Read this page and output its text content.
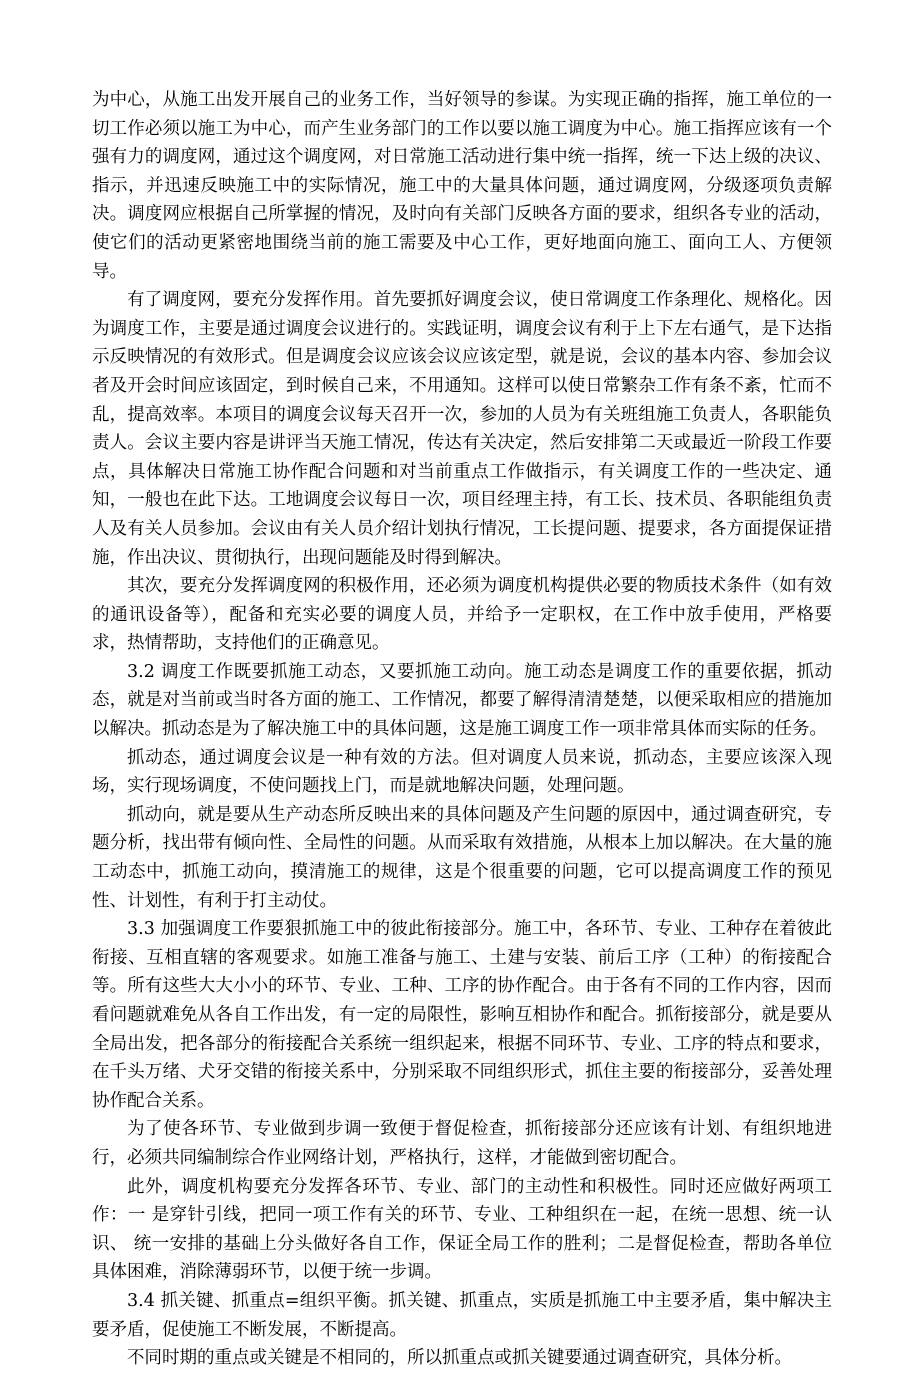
为中心，从施工出发开展自己的业务工作，当好领导的参谋。为实现正确的指挥，施工单位的一切工作必须以施工为中心，而产生业务部门的工作以要以施工调度为中心。施工指挥应该有一个强有力的调度网，通过这个调度网，对日常施工活动进行集中统一指挥，统一下达上级的决议、指示，并迅速反映施工中的实际情况，施工中的大量具体问题，通过调度网，分级逐项负责解决。调度网应根据自己所掌握的情况，及时向有关部门反映各方面的要求，组织各专业的活动，使它们的活动更紧密地围绕当前的施工需要及中心工作，更好地面向施工、面向工人、方便领导。

有了调度网，要充分发挥作用。首先要抓好调度会议，使日常调度工作条理化、规格化。因为调度工作，主要是通过调度会议进行的。实践证明，调度会议有利于上下左右通气，是下达指示反映情况的有效形式。但是调度会议应该会议应该定型，就是说，会议的基本内容、参加会议者及开会时间应该固定，到时候自己来，不用通知。这样可以使日常繁杂工作有条不紊，忙而不乱，提高效率。本项目的调度会议每天召开一次，参加的人员为有关班组施工负责人，各职能负责人。会议主要内容是讲评当天施工情况，传达有关决定，然后安排第二天或最近一阶段工作要点，具体解决日常施工协作配合问题和对当前重点工作做指示，有关调度工作的一些决定、通知，一般也在此下达。工地调度会议每日一次，项目经理主持，有工长、技术员、各职能组负责人及有关人员参加。会议由有关人员介绍计划执行情况，工长提问题、提要求，各方面提保证措施，作出决议、贯彻执行，出现问题能及时得到解决。

其次，要充分发挥调度网的积极作用，还必须为调度机构提供必要的物质技术条件（如有效的通讯设备等），配备和充实必要的调度人员，并给予一定职权，在工作中放手使用，严格要求，热情帮助，支持他们的正确意见。

3.2 调度工作既要抓施工动态，又要抓施工动向。施工动态是调度工作的重要依据，抓动态，就是对当前或当时各方面的施工、工作情况，都要了解得清清楚楚，以便采取相应的措施加以解决。抓动态是为了解决施工中的具体问题，这是施工调度工作一项非常具体而实际的任务。

抓动态，通过调度会议是一种有效的方法。但对调度人员来说，抓动态，主要应该深入现场，实行现场调度，不使问题找上门，而是就地解决问题，处理问题。

抓动向，就是要从生产动态所反映出来的具体问题及产生问题的原因中，通过调查研究，专题分析，找出带有倾向性、全局性的问题。从而采取有效措施，从根本上加以解决。在大量的施工动态中，抓施工动向，摸清施工的规律，这是个很重要的问题，它可以提高调度工作的预见性、计划性，有利于打主动仗。

3.3 加强调度工作要狠抓施工中的彼此衔接部分。施工中，各环节、专业、工种存在着彼此衔接、互相直辖的客观要求。如施工准备与施工、土建与安装、前后工序（工种）的衔接配合等。所有这些大大小小的环节、专业、工种、工序的协作配合。由于各有不同的工作内容，因而看问题就难免从各自工作出发，有一定的局限性，影响互相协作和配合。抓衔接部分，就是要从全局出发，把各部分的衔接配合关系统一组织起来，根据不同环节、专业、工序的特点和要求，在千头万绪、犬牙交错的衔接关系中，分别采取不同组织形式，抓住主要的衔接部分，妥善处理协作配合关系。

为了使各环节、专业做到步调一致便于督促检查，抓衔接部分还应该有计划、有组织地进行，必须共同编制综合作业网络计划，严格执行，这样，才能做到密切配合。

此外，调度机构要充分发挥各环节、专业、部门的主动性和积极性。同时还应做好两项工作：一 是穿针引线，把同一项工作有关的环节、专业、工种组织在一起，在统一思想、统一认识、 统一安排的基础上分头做好各自工作，保证全局工作的胜利；二是督促检查，帮助各单位具体困难，消除薄弱环节，以便于统一步调。

3.4 抓关键、抓重点=组织平衡。抓关键、抓重点，实质是抓施工中主要矛盾，集中解决主要矛盾，促使施工不断发展，不断提高。

不同时期的重点或关键是不相同的，所以抓重点或抓关键要通过调查研究，具体分析。
